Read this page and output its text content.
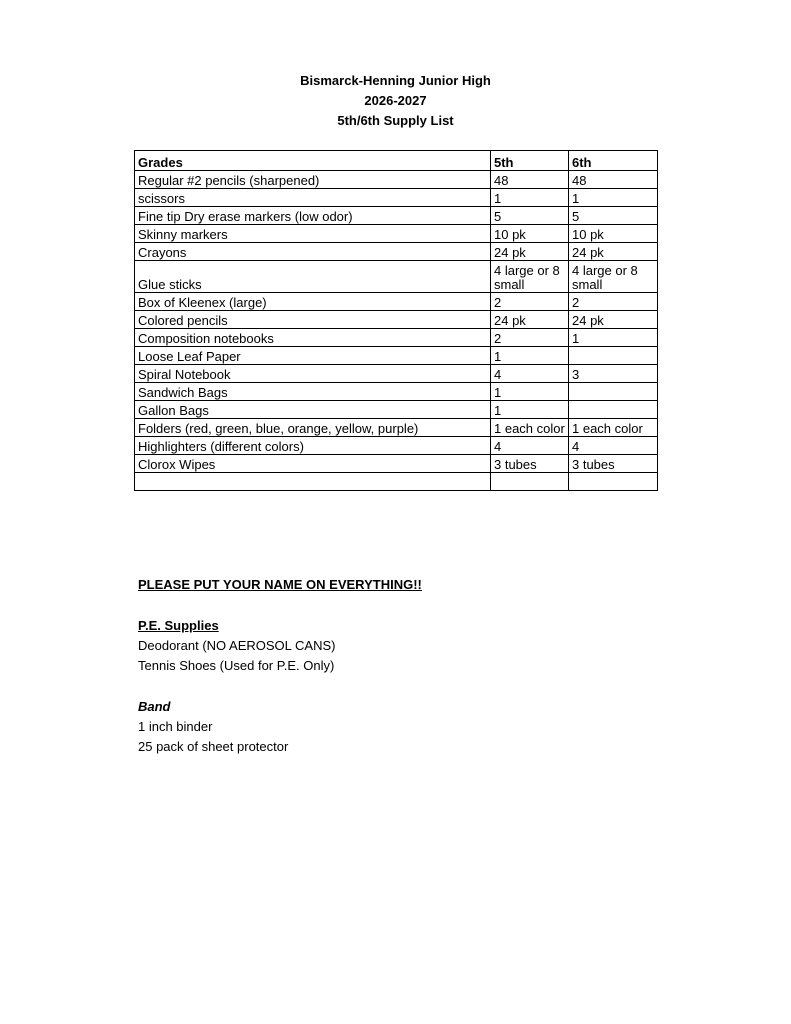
Bismarck-Henning Junior High
2026-2027
5th/6th Supply List
Grades	5th	6th
Regular #2 pencils (sharpened)	48	48
scissors	1	1
Fine tip Dry erase markers (low odor)	5	5
Skinny markers	10 pk	10 pk
Crayons	24 pk	24 pk
Glue sticks	4 large or 8 small	4 large or 8 small
Box of Kleenex (large)	2	2
Colored pencils	24 pk	24 pk
Composition notebooks	2	1
Loose Leaf Paper	1	
Spiral Notebook	4	3
Sandwich Bags	1	
Gallon Bags	1	
Folders (red, green, blue, orange, yellow, purple)	1 each color	1 each color
Highlighters (different colors)	4	4
Clorox Wipes	3 tubes	3 tubes

PLEASE PUT YOUR NAME ON EVERYTHING!!
P.E. Supplies
Deodorant (NO AEROSOL CANS)
Tennis Shoes (Used for P.E. Only)
Band
1 inch binder
25 pack of sheet protector
